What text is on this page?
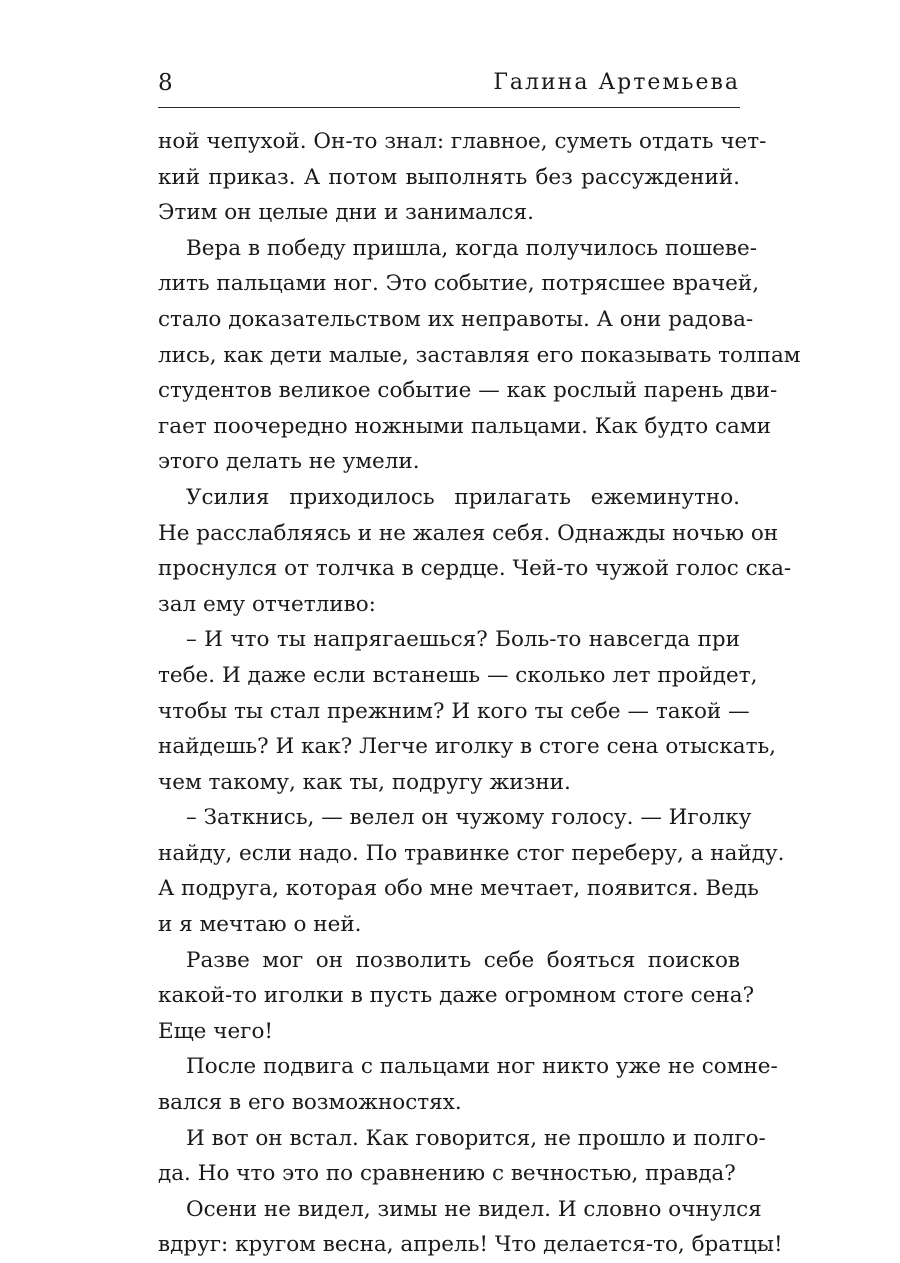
8	Галина Артемьева

ной чепухой. Он-то знал: главное, суметь отдать чет-
кий приказ. А потом выполнять без рассуждений.
Этим он целые дни и занимался.

Вера в победу пришла, когда получилось пошеве-
лить пальцами ног. Это событие, потрясшее врачей,
стало доказательством их неправоты. А они радова-
лись, как дети малые, заставляя его показывать толпам
студентов великое событие — как рослый парень дви-
гает поочередно ножными пальцами. Как будто сами
этого делать не умели.

Усилия приходилось прилагать ежеминутно.
Не расслабляясь и не жалея себя. Однажды ночью он
проснулся от толчка в сердце. Чей-то чужой голос ска-
зал ему отчетливо:

– И что ты напрягаешься? Боль-то навсегда при
тебе. И даже если встанешь — сколько лет пройдет,
чтобы ты стал прежним? И кого ты себе — такой —
найдешь? И как? Легче иголку в стоге сена отыскать,
чем такому, как ты, подругу жизни.

– Заткнись, — велел он чужому голосу. — Иголку
найду, если надо. По травинке стог переберу, а найду.
А подруга, которая обо мне мечтает, появится. Ведь
и я мечтаю о ней.

Разве мог он позволить себе бояться поисков
какой-то иголки в пусть даже огромном стоге сена?
Еще чего!

После подвига с пальцами ног никто уже не сомне-
вался в его возможностях.

И вот он встал. Как говорится, не прошло и полго-
да. Но что это по сравнению с вечностью, правда?

Осени не видел, зимы не видел. И словно очнулся
вдруг: кругом весна, апрель! Что делается-то, братцы!
